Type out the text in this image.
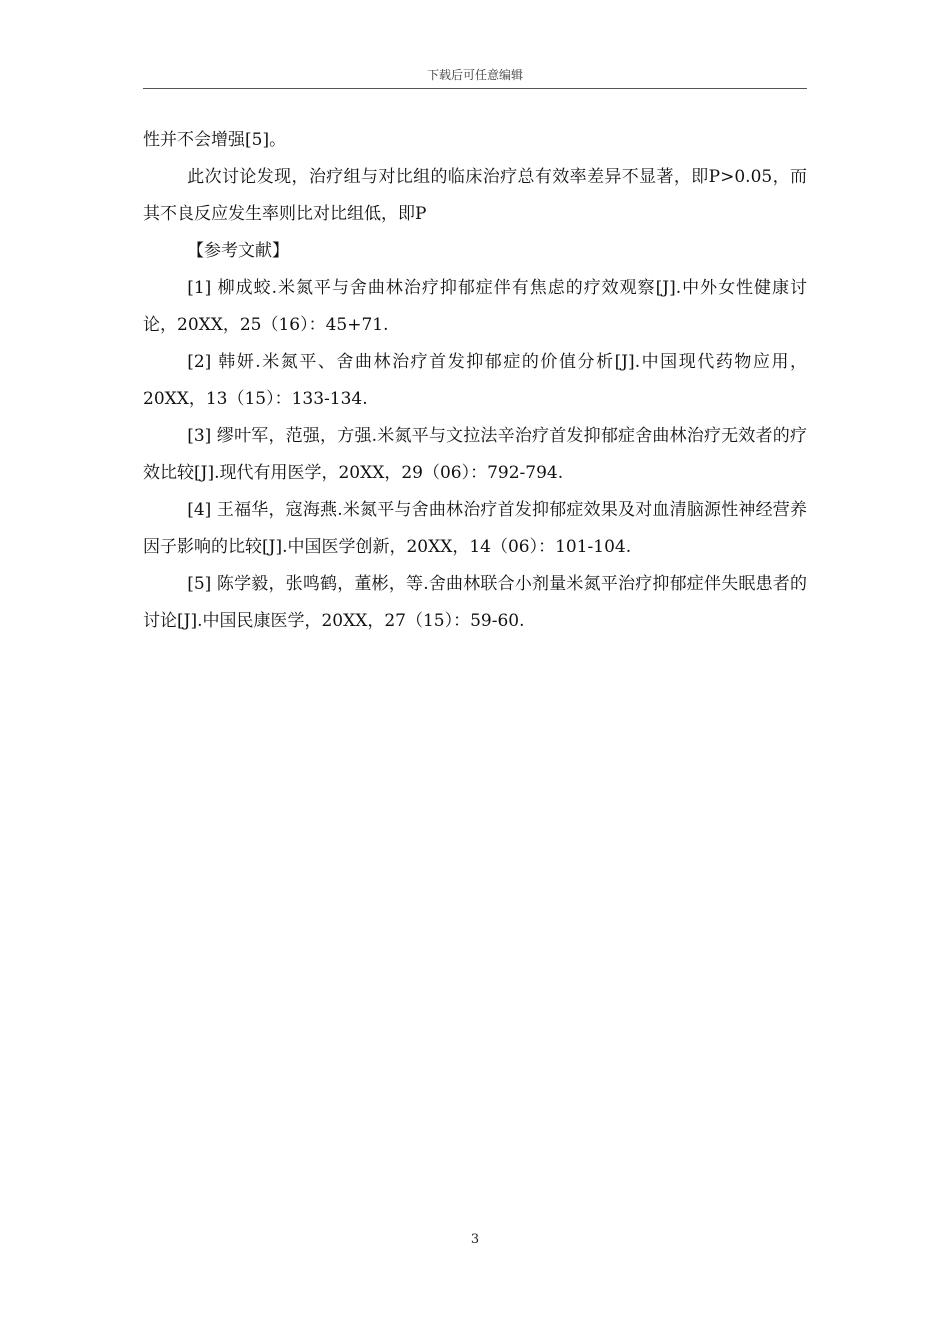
下载后可任意编辑

性并不会增强[5]。

此次讨论发现，治疗组与对比组的临床治疗总有效率差异不显著，即P>0.05，而其不良反应发生率则比对比组低，即P

【参考文献】

[1] 柳成蛟.米氮平与舍曲林治疗抑郁症伴有焦虑的疗效观察[J].中外女性健康讨论，20XX，25（16）：45+71.

[2] 韩妍.米氮平、舍曲林治疗首发抑郁症的价值分析[J].中国现代药物应用，20XX，13（15）：133-134.

[3] 缪叶军，范强，方强.米氮平与文拉法辛治疗首发抑郁症舍曲林治疗无效者的疗效比较[J].现代有用医学，20XX，29（06）：792-794.

[4] 王福华，寇海燕.米氮平与舍曲林治疗首发抑郁症效果及对血清脑源性神经营养因子影响的比较[J].中国医学创新，20XX，14（06）：101-104.

[5] 陈学毅，张鸣鹤，董彬，等.舍曲林联合小剂量米氮平治疗抑郁症伴失眠患者的讨论[J].中国民康医学，20XX，27（15）：59-60.

3
